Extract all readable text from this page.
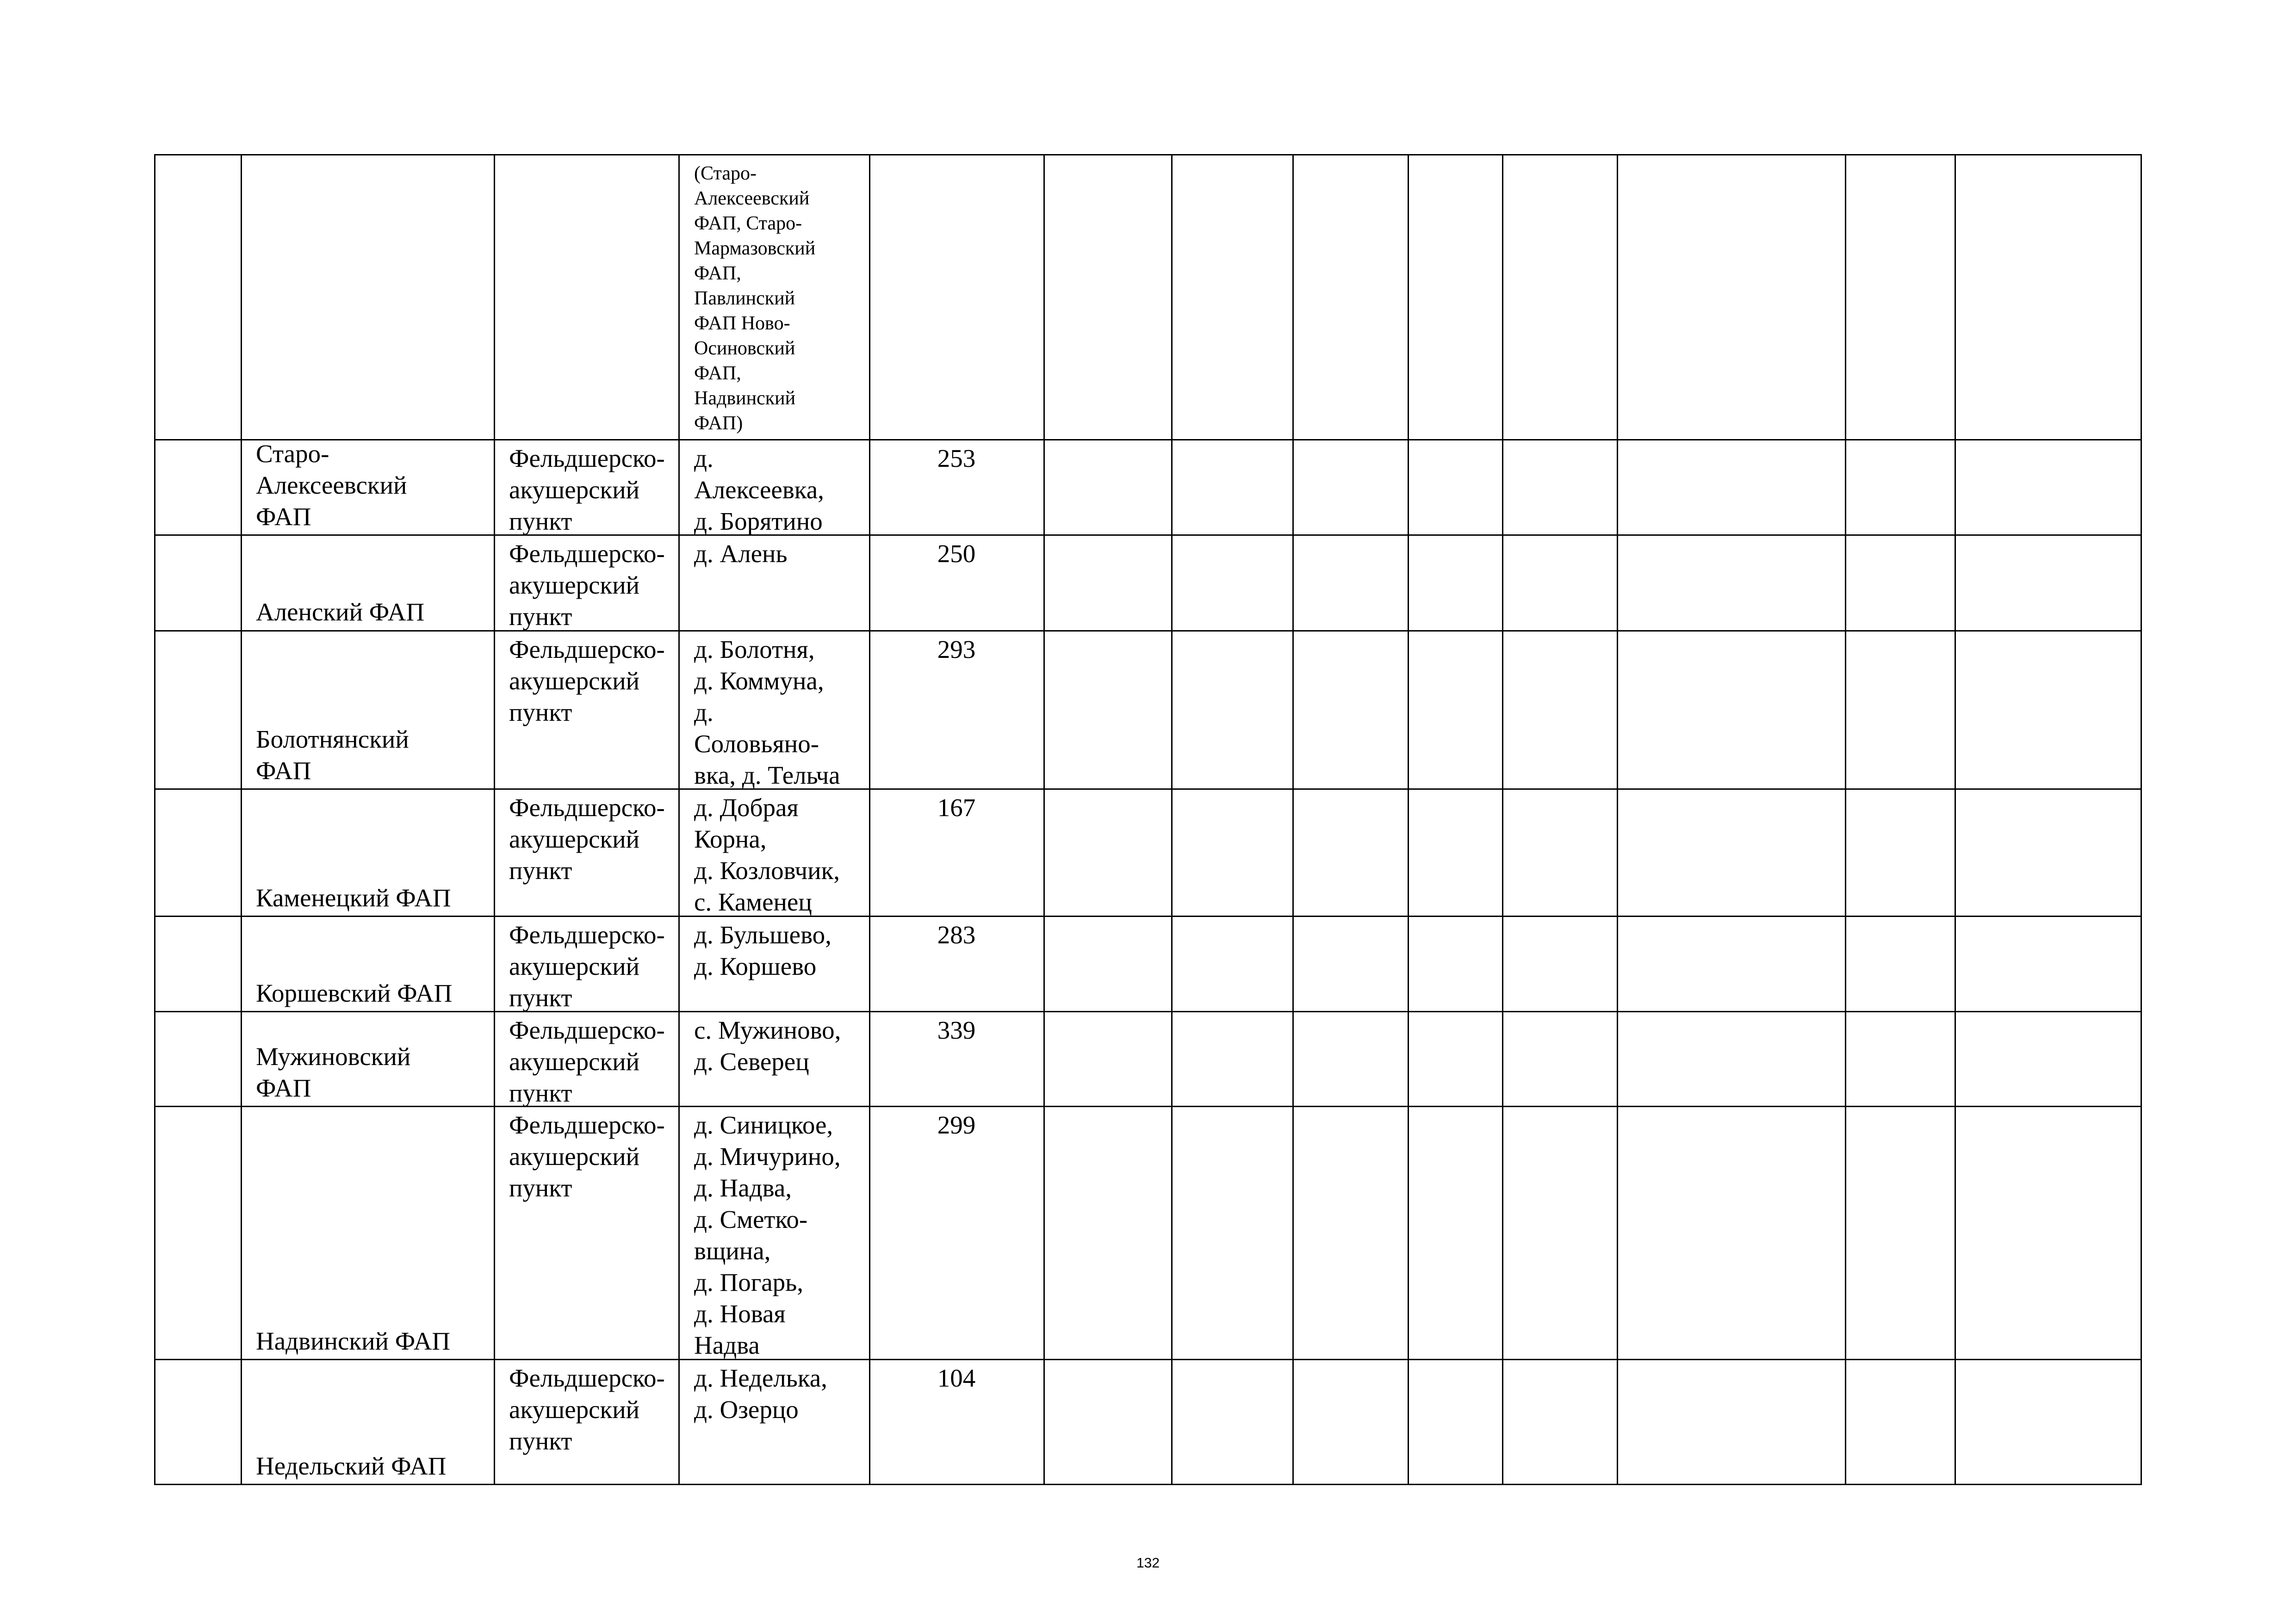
(Старо-
Алексеевский
ФАП, Старо-
Мармазовский
ФАП,
Павлинский
ФАП Ново-
Осиновский
ФАП,
Надвинский
ФАП)
Старо-
Алексеевский
ФАП
Фельдшерско-
акушерский
пункт
д.
Алексеевка,
д. Борятино
253
Аленский ФАП
Фельдшерско-
акушерский
пункт
д. Алень	250
Болотнянский
ФАП
Фельдшерско-
акушерский
пункт
д. Болотня,
д. Коммуна,
д.
Соловьяно-
вка, д. Тельча
293
Каменецкий ФАП
Фельдшерско-
акушерский
пункт
д. Добрая
Корна,
д. Козловчик,
с. Каменец
167
Коршевский ФАП
Фельдшерско-
акушерский
пункт
д. Бульшево,
д. Коршево
283
Мужиновский
ФАП
Фельдшерско-
акушерский
пункт
с. Мужиново,
д. Северец
339
Надвинский ФАП
Фельдшерско-
акушерский
пункт
д. Синицкое,
д. Мичурино,
д. Надва,
д. Сметко-
вщина,
д. Погарь,
д. Новая
Надва
299
Недельский ФАП
Фельдшерско-
акушерский
пункт
д. Неделька,
д. Озерцо
104
132
